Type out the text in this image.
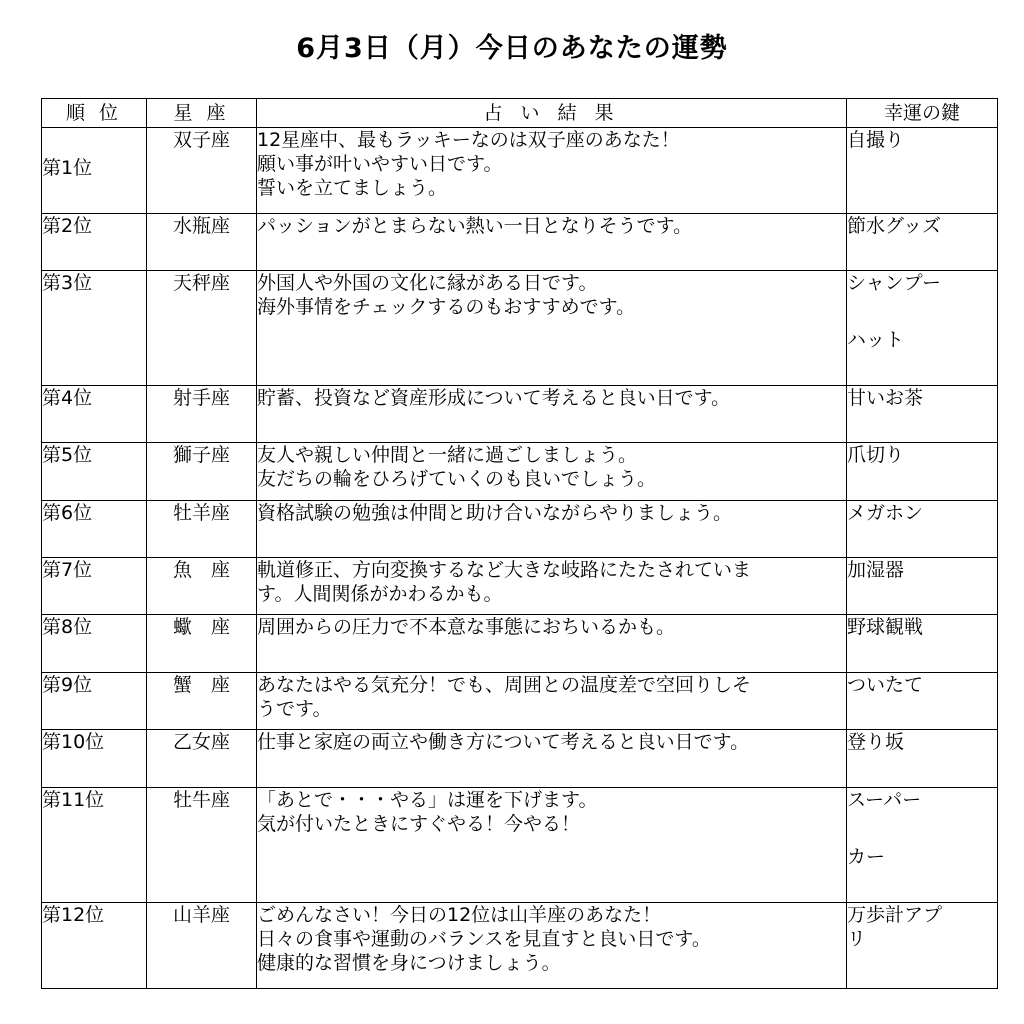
6月3日（月）今日のあなたの運勢
順 位	星 座	占 い 結 果	幸運の鍵
第1位	双子座	12星座中、最もラッキーなのは双子座のあなた！
願い事が叶いやすい日です。
誓いを立てましょう。	自撮り

第2位	水瓶座	パッションがとまらない熱い一日となりそうです。	節水グッズ

第3位	天秤座	外国人や外国の文化に縁がある日です。
海外事情をチェックするのもおすすめです。	シャンプー
ハット

第4位	射手座	貯蓄、投資など資産形成について考えると良い日です。	甘いお茶

第5位	獅子座	友人や親しい仲間と一緒に過ごしましょう。
友だちの輪をひろげていくのも良いでしょう。	爪切り

第6位	牡羊座	資格試験の勉強は仲間と助け合いながらやりましょう。	メガホン

第7位	魚　座	軌道修正、方向変換するなど大きな岐路にたたされていま
す。人間関係がかわるかも。	加湿器

第8位	蠍　座	周囲からの圧力で不本意な事態におちいるかも。	野球観戦

第9位	蟹　座	あなたはやる気充分！でも、周囲との温度差で空回りしそ
うです。	ついたて

第10位	乙女座	仕事と家庭の両立や働き方について考えると良い日です。	登り坂

第11位	牡牛座	「あとで・・・やる」は運を下げます。
気が付いたときにすぐやる！今やる！	スーパー
カー

第12位	山羊座	ごめんなさい！今日の12位は山羊座のあなた！
日々の食事や運動のバランスを見直すと良い日です。
健康的な習慣を身につけましょう。	万歩計アプ
リ
